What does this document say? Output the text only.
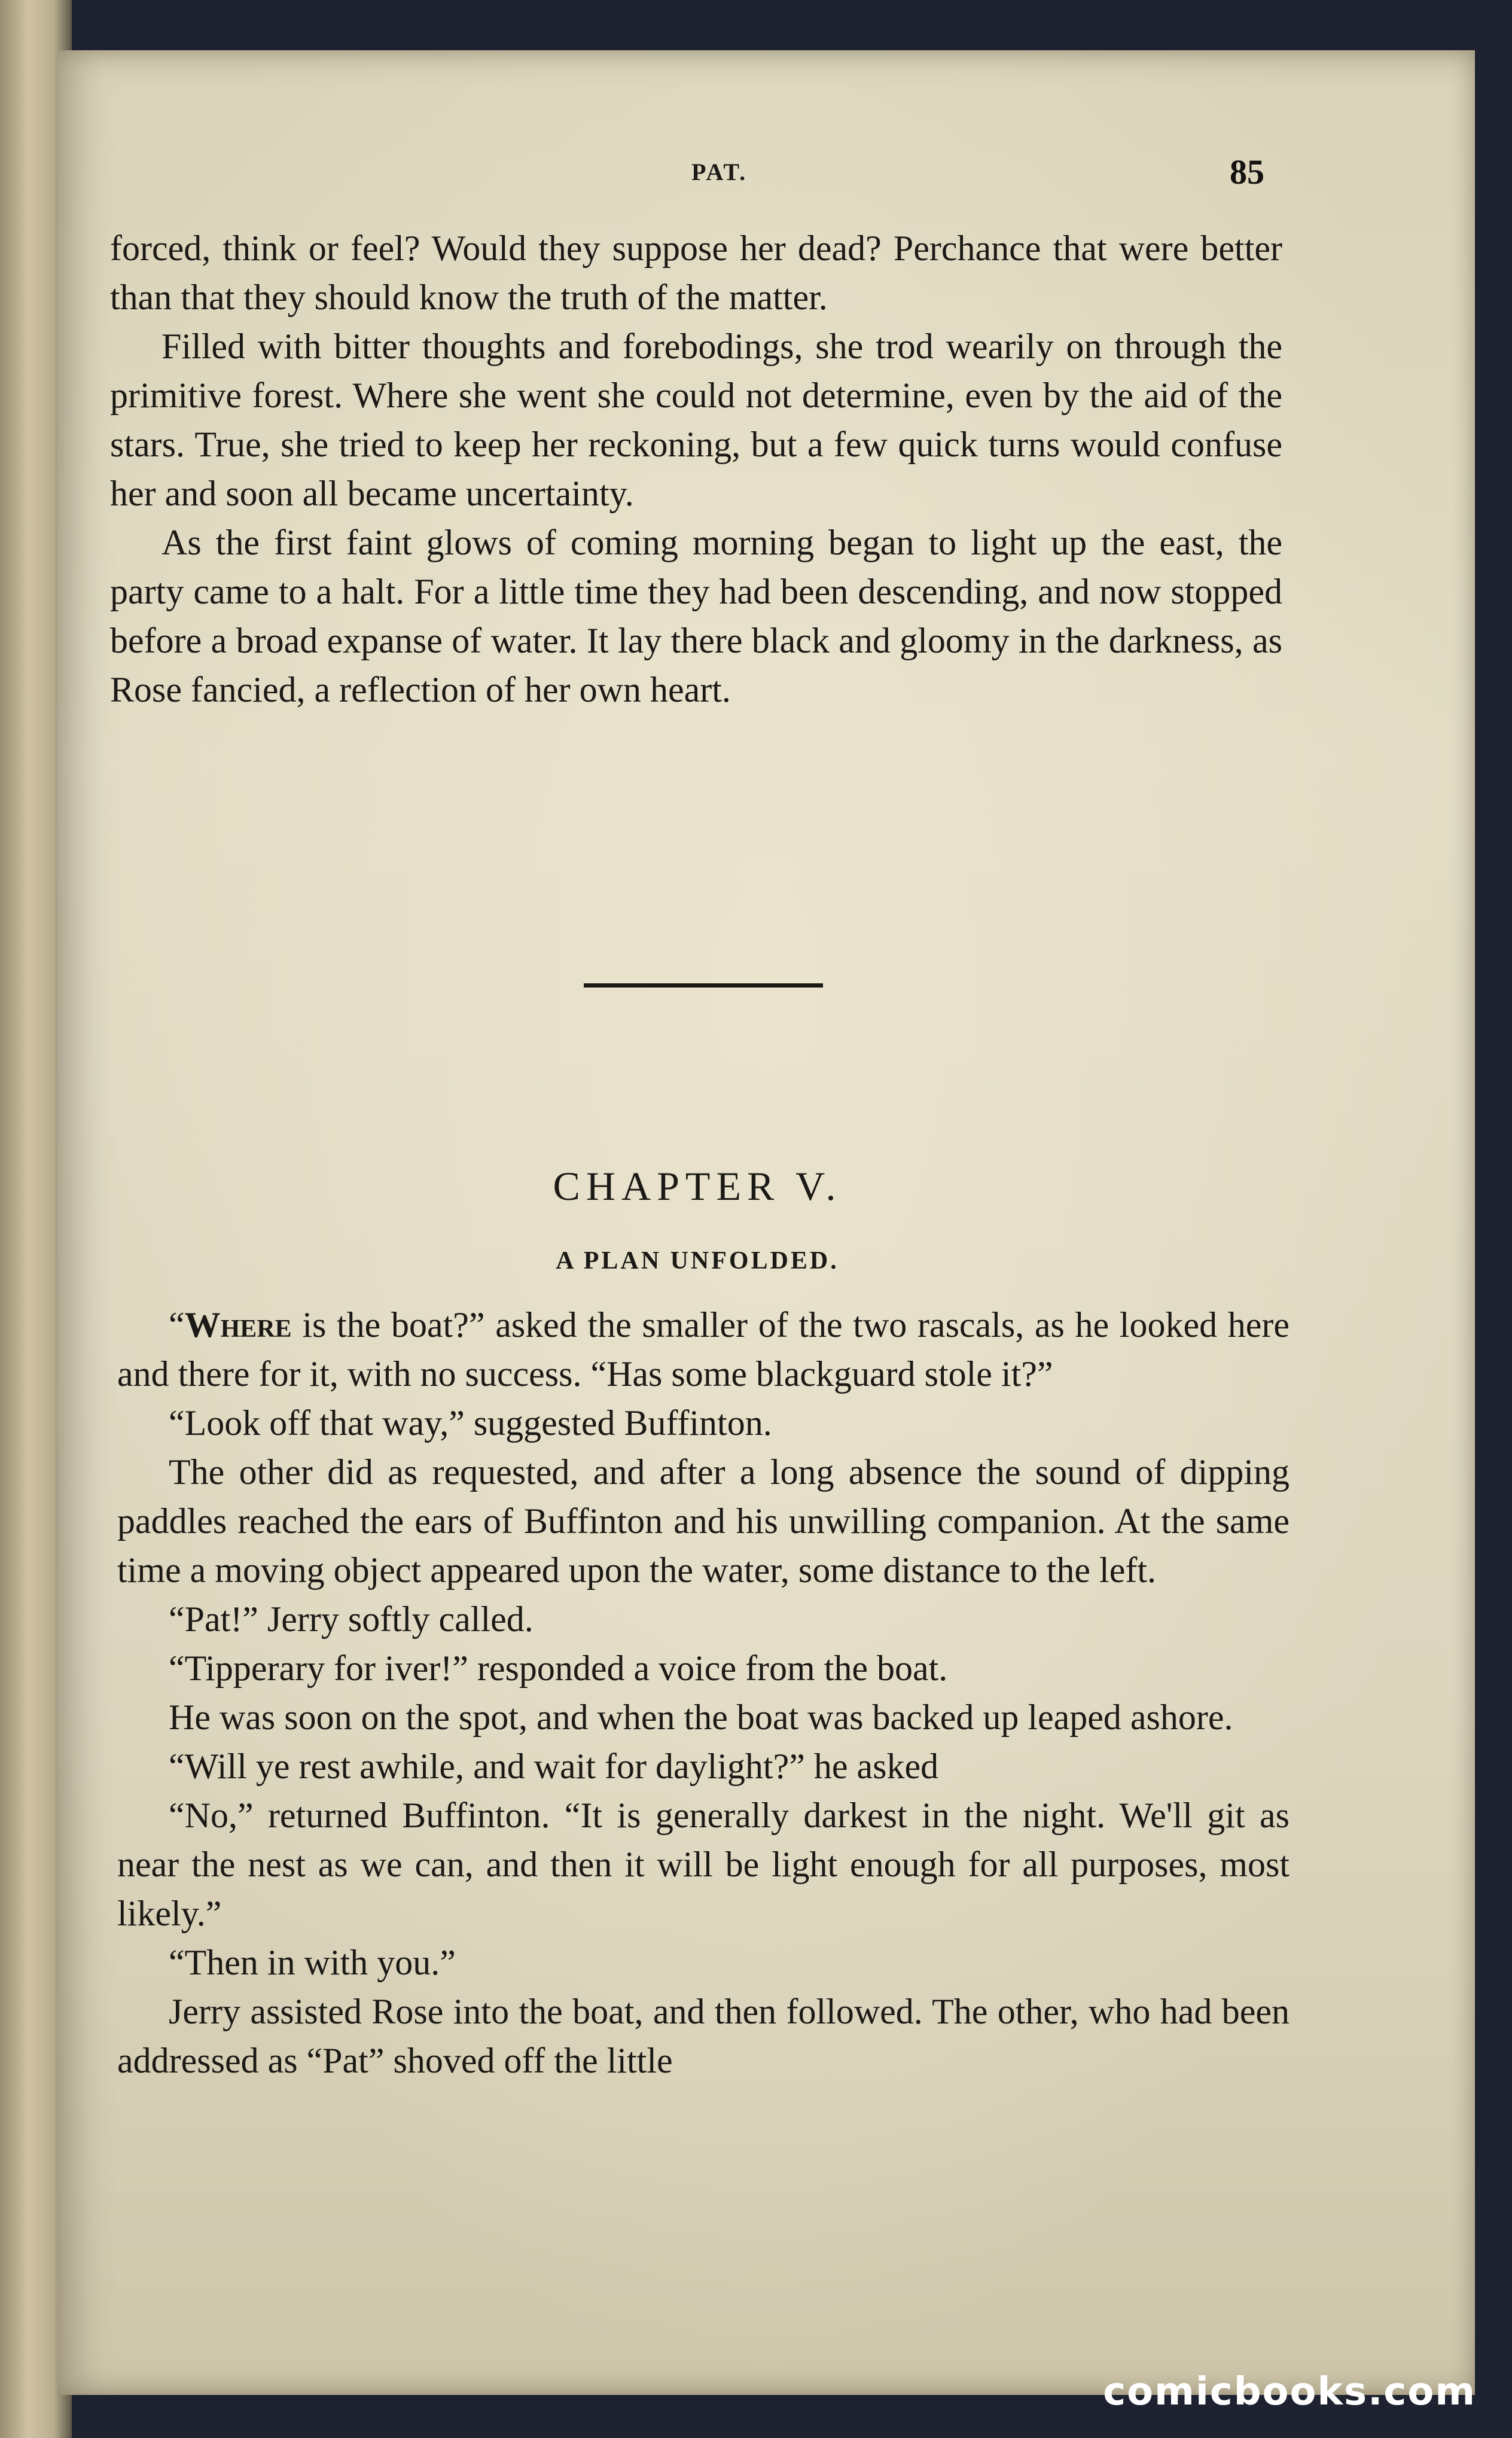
PAT.	85

forced, think or feel? Would they suppose her dead? Perchance that were better than that they should know the truth of the matter.

Filled with bitter thoughts and forebodings, she trod wearily on through the primitive forest. Where she went she could not determine, even by the aid of the stars. True, she tried to keep her reckoning, but a few quick turns would confuse her and soon all became uncertainty.

As the first faint glows of coming morning began to light up the east, the party came to a halt. For a little time they had been descending, and now stopped before a broad expanse of water. It lay there black and gloomy in the darkness, as Rose fancied, a reflection of her own heart.

CHAPTER V.
A PLAN UNFOLDED.

“Where is the boat?” asked the smaller of the two rascals, as he looked here and there for it, with no success. “Has some blackguard stole it?”

“Look off that way,” suggested Buffinton.

The other did as requested, and after a long absence the sound of dipping paddles reached the ears of Buffinton and his unwilling companion. At the same time a moving object appeared upon the water, some distance to the left.

“Pat!” Jerry softly called.

“Tipperary for iver!” responded a voice from the boat.

He was soon on the spot, and when the boat was backed up leaped ashore.

“Will ye rest awhile, and wait for daylight?” he asked

“No,” returned Buffinton. “It is generally darkest in the night. We'll git as near the nest as we can, and then it will be light enough for all purposes, most likely.”

“Then in with you.”

Jerry assisted Rose into the boat, and then followed. The other, who had been addressed as “Pat” shoved off the little

comicbooks.com
